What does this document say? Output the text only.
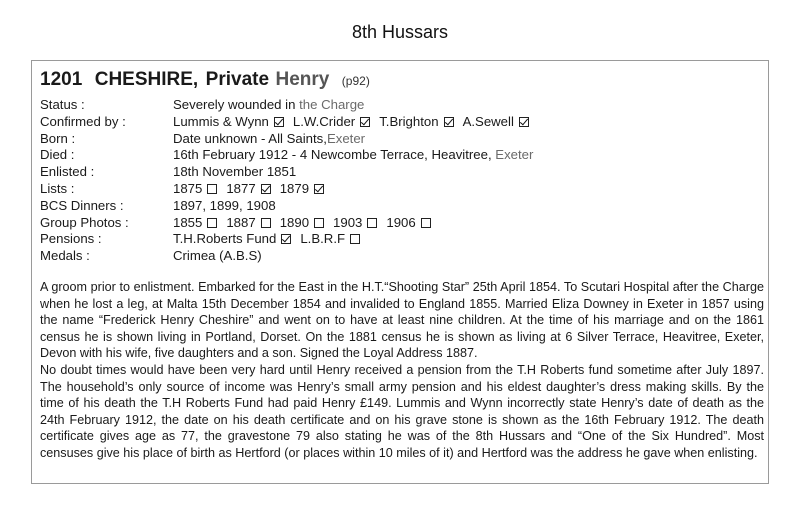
8th Hussars
1201 CHESHIRE, Private Henry (p92)
Status :	Severely wounded in the Charge
Confirmed by :	Lummis & Wynn L.W.Crider T.Brighton A.Sewell
Born :	Date unknown - All Saints,Exeter
Died :	16th February 1912 - 4 Newcombe Terrace, Heavitree, Exeter
Enlisted :	18th November 1851
Lists :	1875 1877 1879
BCS Dinners :	1897, 1899, 1908
Group Photos :	1855 1887 1890 1903 1906
Pensions :	T.H.Roberts Fund L.B.R.F
Medals :	Crimea (A.B.S)

A groom prior to enlistment. Embarked for the East in the H.T.“Shooting Star” 25th April 1854. To Scutari Hospital after the Charge when he lost a leg, at Malta 15th December 1854 and invalided to England 1855. Married Eliza Downey in Exeter in 1857 using the name “Frederick Henry Cheshire” and went on to have at least nine children. At the time of his marriage and on the 1861 census he is shown living in Portland, Dorset. On the 1881 census he is shown as living at 6 Silver Terrace, Heavitree, Exeter, Devon with his wife, five daughters and a son. Signed the Loyal Address 1887.

No doubt times would have been very hard until Henry received a pension from the T.H Roberts fund sometime after July 1897. The household’s only source of income was Henry’s small army pension and his eldest daughter’s dress making skills. By the time of his death the T.H Roberts Fund had paid Henry £149. Lummis and Wynn incorrectly state Henry’s date of death as the 24th February 1912, the date on his death certificate and on his grave stone is shown as the 16th February 1912. The death certificate gives age as 77, the gravestone 79 also stating he was of the 8th Hussars and “One of the Six Hundred”. Most censuses give his place of birth as Hertford (or places within 10 miles of it) and Hertford was the address he gave when enlisting.
